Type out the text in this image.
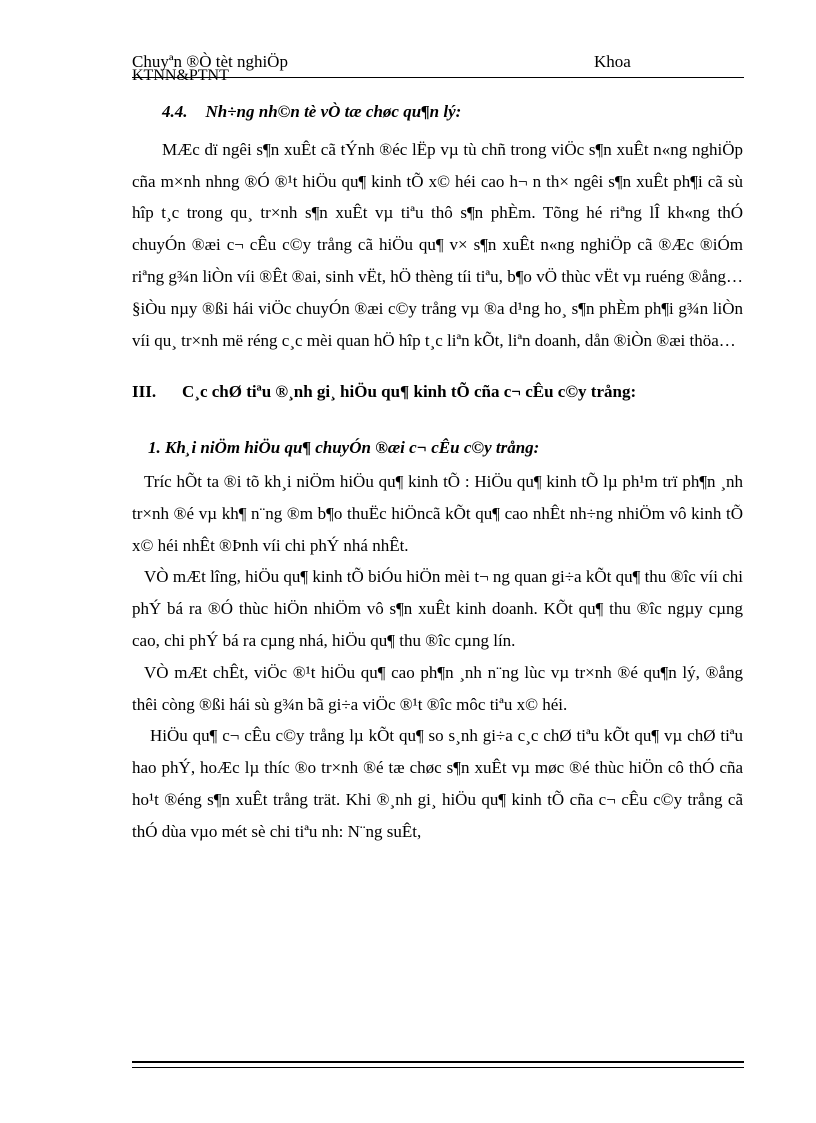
Chuyªn ®Ò tèt nghiÖp	Khoa
KTNN&PTNT
4.4. Nh÷ng nh©n tè vÒ tæ chøc qu¶n lý:

MÆc dï ngêi s¶n xuÊt cã tÝnh ®éc lËp vµ tù chñ trong viÖc s¶n xuÊt n«ng nghiÖp cña m×nh nhng ®Ó ®¹t hiÖu qu¶ kinh tÕ x© héi cao h¬ n th× ngêi s¶n xuÊt ph¶i cã sù hîp t¸c trong qu¸ tr×nh s¶n xuÊt vµ tiªu thô s¶n phÈm. Tõng hé riªng lÎ kh«ng thÓ chuyÓn ®æi c¬ cÊu c©y trång cã hiÖu qu¶ v× s¶n xuÊt n«ng nghiÖp cã ®Æc ®iÓm riªng g¾n liÒn víi ®Êt ®ai, sinh vËt, hÖ thèng tíi tiªu, b¶o vÖ thùc vËt vµ ruéng ®ång…§iÒu nµy ®ßi hái viÖc chuyÓn ®æi c©y trång vµ ®a d¹ng ho¸ s¶n phÈm ph¶i g¾n liÒn víi qu¸ tr×nh më réng c¸c mèi quan hÖ hîp t¸c liªn kÕt, liªn doanh, dån ®iÒn ®æi thöa…

III. C¸c chØ tiªu ®¸nh gi¸ hiÖu qu¶ kinh tÕ cña c¬ cÊu c©y trång:
1. Kh¸i niÖm hiÖu qu¶ chuyÓn ®æi c¬ cÊu c©y trång:

Tríc hÕt ta ®i tõ kh¸i niÖm hiÖu qu¶ kinh tÕ : HiÖu qu¶ kinh tÕ lµ ph¹m trï ph¶n ¸nh tr×nh ®é vµ kh¶ n¨ng ®m b¶o thuËc hiÖncã kÕt qu¶ cao nhÊt nh÷ng nhiÖm vô kinh tÕ x© héi nhÊt ®Þnh víi chi phÝ nhá nhÊt.

VÒ mÆt lîng, hiÖu qu¶ kinh tÕ biÓu hiÖn mèi t¬ ng quan gi÷a kÕt qu¶ thu ®îc víi chi phÝ bá ra ®Ó thùc hiÖn nhiÖm vô s¶n xuÊt kinh doanh. KÕt qu¶ thu ®îc ngµy cµng cao, chi phÝ bá ra cµng nhá, hiÖu qu¶ thu ®îc cµng lín.

VÒ mÆt chÊt, viÖc ®¹t hiÖu qu¶ cao ph¶n ¸nh n¨ng lùc vµ tr×nh ®é qu¶n lý, ®ång thêi còng ®ßi hái sù g¾n bã gi÷a viÖc ®¹t ®îc môc tiªu x© héi.

HiÖu qu¶ c¬ cÊu c©y trång lµ kÕt qu¶ so s¸nh gi÷a c¸c chØ tiªu kÕt qu¶ vµ chØ tiªu hao phÝ, hoÆc lµ thíc ®o tr×nh ®é tæ chøc s¶n xuÊt vµ møc ®é thùc hiÖn cô thÓ cña ho¹t ®éng s¶n xuÊt trång trät. Khi ®¸nh gi¸ hiÖu qu¶ kinh tÕ cña c¬ cÊu c©y trång cã thÓ dùa vµo mét sè chi tiªu nh: N¨ng suÊt,
